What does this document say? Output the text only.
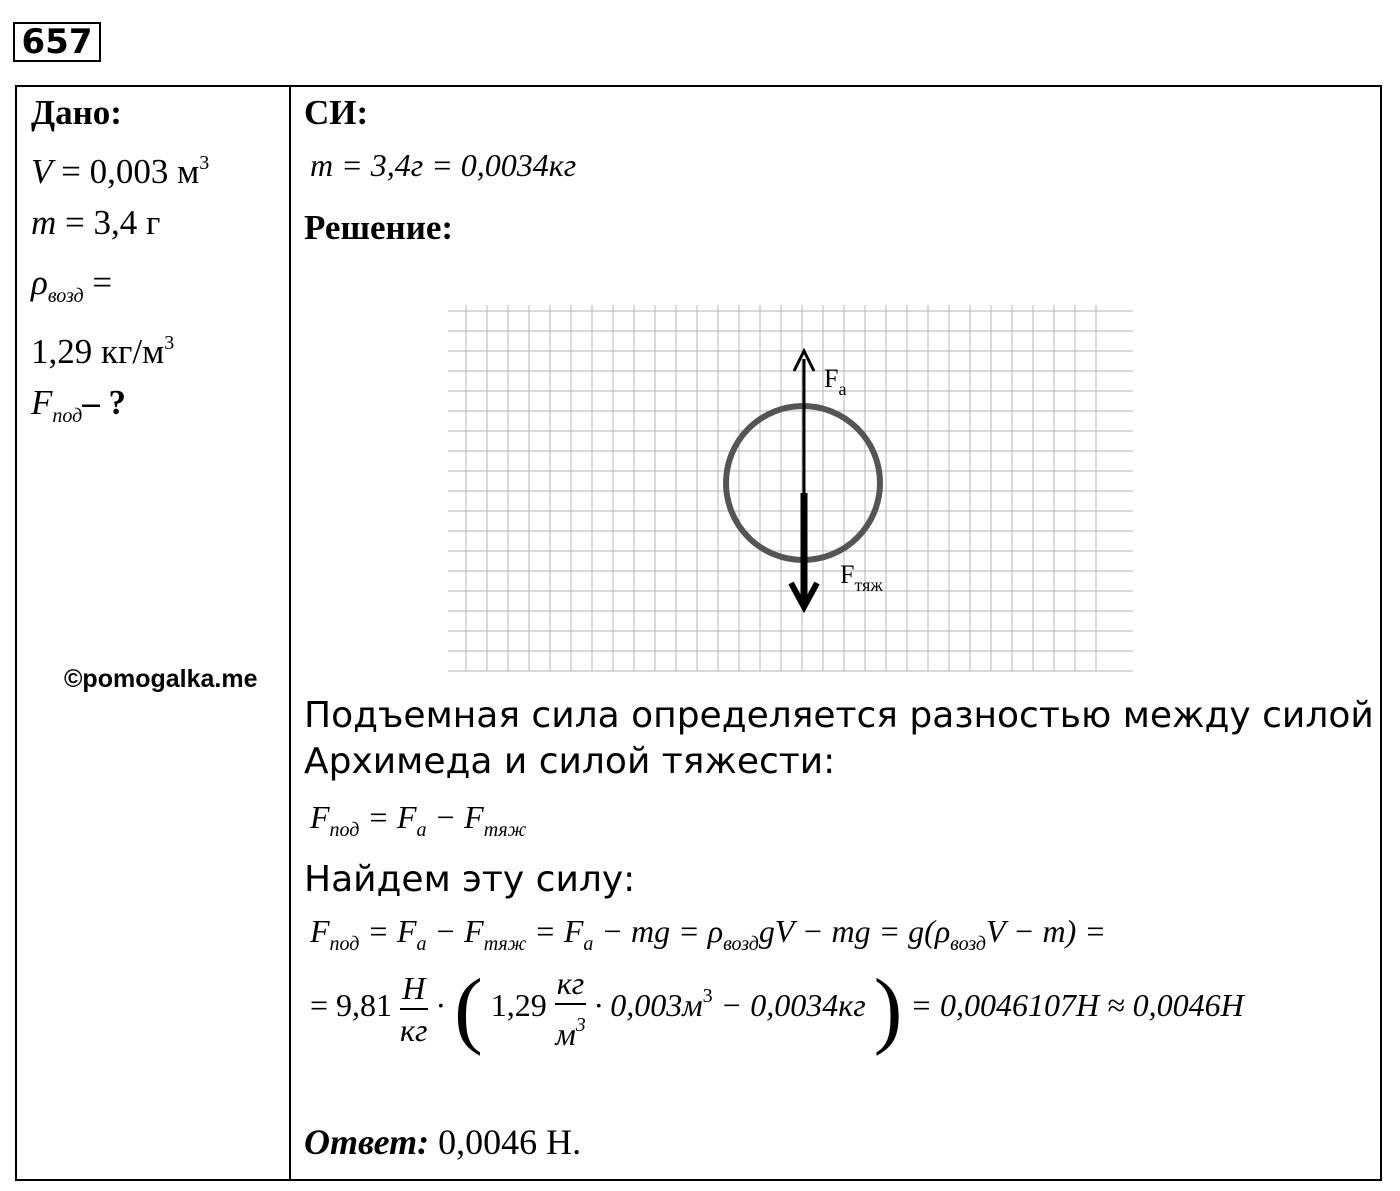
657
Дано:
V = 0,003 $м^3$
m = 3,4 г
$\rho_{возд}$ =
1,29 $кг/м^3$
$F_{под}-$ ?
©pomogalka.me
СИ:
m = 3,4г = 0,0034кг
Решение:
$F_a$
$F_{тяж}$
Подъемная сила определяется разностью между силой
Архимеда и силой тяжести:
$F_{под} = F_а - F_{тяж}$
Найдем эту силу:
$F_{под} = F_а - F_{тяж} = F_а$ − mg = $\rho_{возд}gV$ − mg = $g(\rho_{возд}V - m)$ =
= $9,81 \frac{Н}{кг}$ · ( $1,29 \frac{кг}{м^3} \cdot 0,003м^3 - 0,0034кг$ ) = 0,0046107Н ≈ 0,0046Н
Ответ: 0,0046 Н.
